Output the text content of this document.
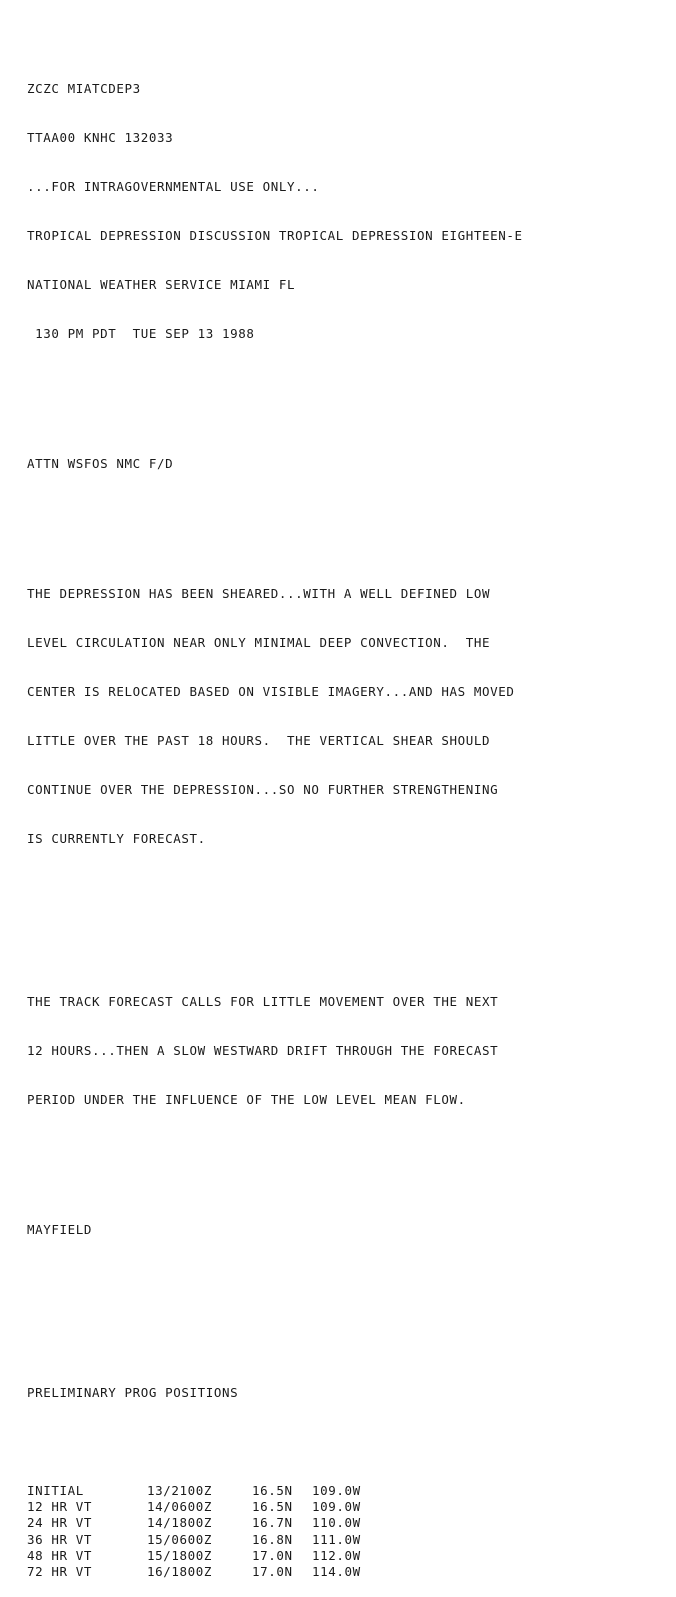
ZCZC MIATCDEP3

TTAA00 KNHC 132033

...FOR INTRAGOVERNMENTAL USE ONLY...

TROPICAL DEPRESSION DISCUSSION TROPICAL DEPRESSION EIGHTEEN-E

NATIONAL WEATHER SERVICE MIAMI FL

130 PM PDT  TUE SEP 13 1988

ATTN WSFOS NMC F/D

THE DEPRESSION HAS BEEN SHEARED...WITH A WELL DEFINED LOW

LEVEL CIRCULATION NEAR ONLY MINIMAL DEEP CONVECTION.  THE

CENTER IS RELOCATED BASED ON VISIBLE IMAGERY...AND HAS MOVED

LITTLE OVER THE PAST 18 HOURS.  THE VERTICAL SHEAR SHOULD

CONTINUE OVER THE DEPRESSION...SO NO FURTHER STRENGTHENING

IS CURRENTLY FORECAST.

THE TRACK FORECAST CALLS FOR LITTLE MOVEMENT OVER THE NEXT

12 HOURS...THEN A SLOW WESTWARD DRIFT THROUGH THE FORECAST

PERIOD UNDER THE INFLUENCE OF THE LOW LEVEL MEAN FLOW.

MAYFIELD

PRELIMINARY PROG POSITIONS

INITIAL	13/2100Z	16.5N	109.0W
12 HR VT	14/0600Z	16.5N	109.0W
24 HR VT	14/1800Z	16.7N	110.0W
36 HR VT	15/0600Z	16.8N	111.0W
48 HR VT	15/1800Z	17.0N	112.0W
72 HR VT	16/1800Z	17.0N	114.0W
